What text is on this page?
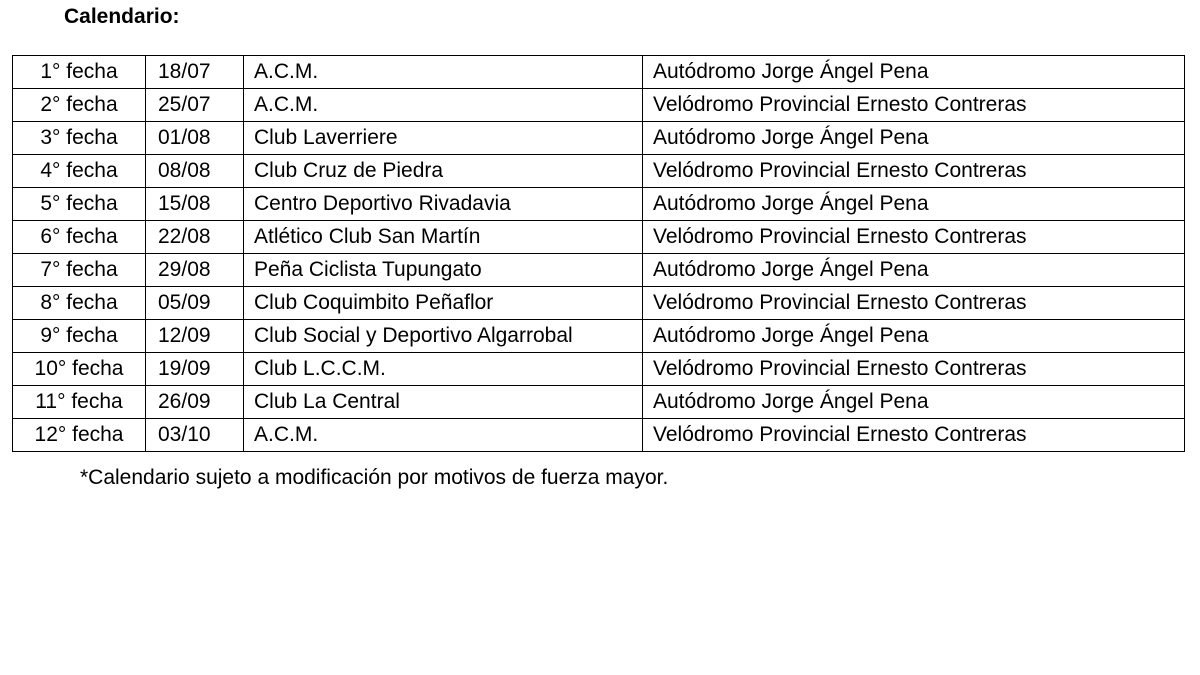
Calendario:
1° fecha	18/07	A.C.M.	Autódromo Jorge Ángel Pena
2° fecha	25/07	A.C.M.	Velódromo Provincial Ernesto Contreras
3° fecha	01/08	Club Laverriere	Autódromo Jorge Ángel Pena
4° fecha	08/08	Club Cruz de Piedra	Velódromo Provincial Ernesto Contreras
5° fecha	15/08	Centro Deportivo Rivadavia	Autódromo Jorge Ángel Pena
6° fecha	22/08	Atlético Club San Martín	Velódromo Provincial Ernesto Contreras
7° fecha	29/08	Peña Ciclista Tupungato	Autódromo Jorge Ángel Pena
8° fecha	05/09	Club Coquimbito Peñaflor	Velódromo Provincial Ernesto Contreras
9° fecha	12/09	Club Social y Deportivo Algarrobal	Autódromo Jorge Ángel Pena
10° fecha	19/09	Club L.C.C.M.	Velódromo Provincial Ernesto Contreras
11° fecha	26/09	Club La Central	Autódromo Jorge Ángel Pena
12° fecha	03/10	A.C.M.	Velódromo Provincial Ernesto Contreras
*Calendario sujeto a modificación por motivos de fuerza mayor.
